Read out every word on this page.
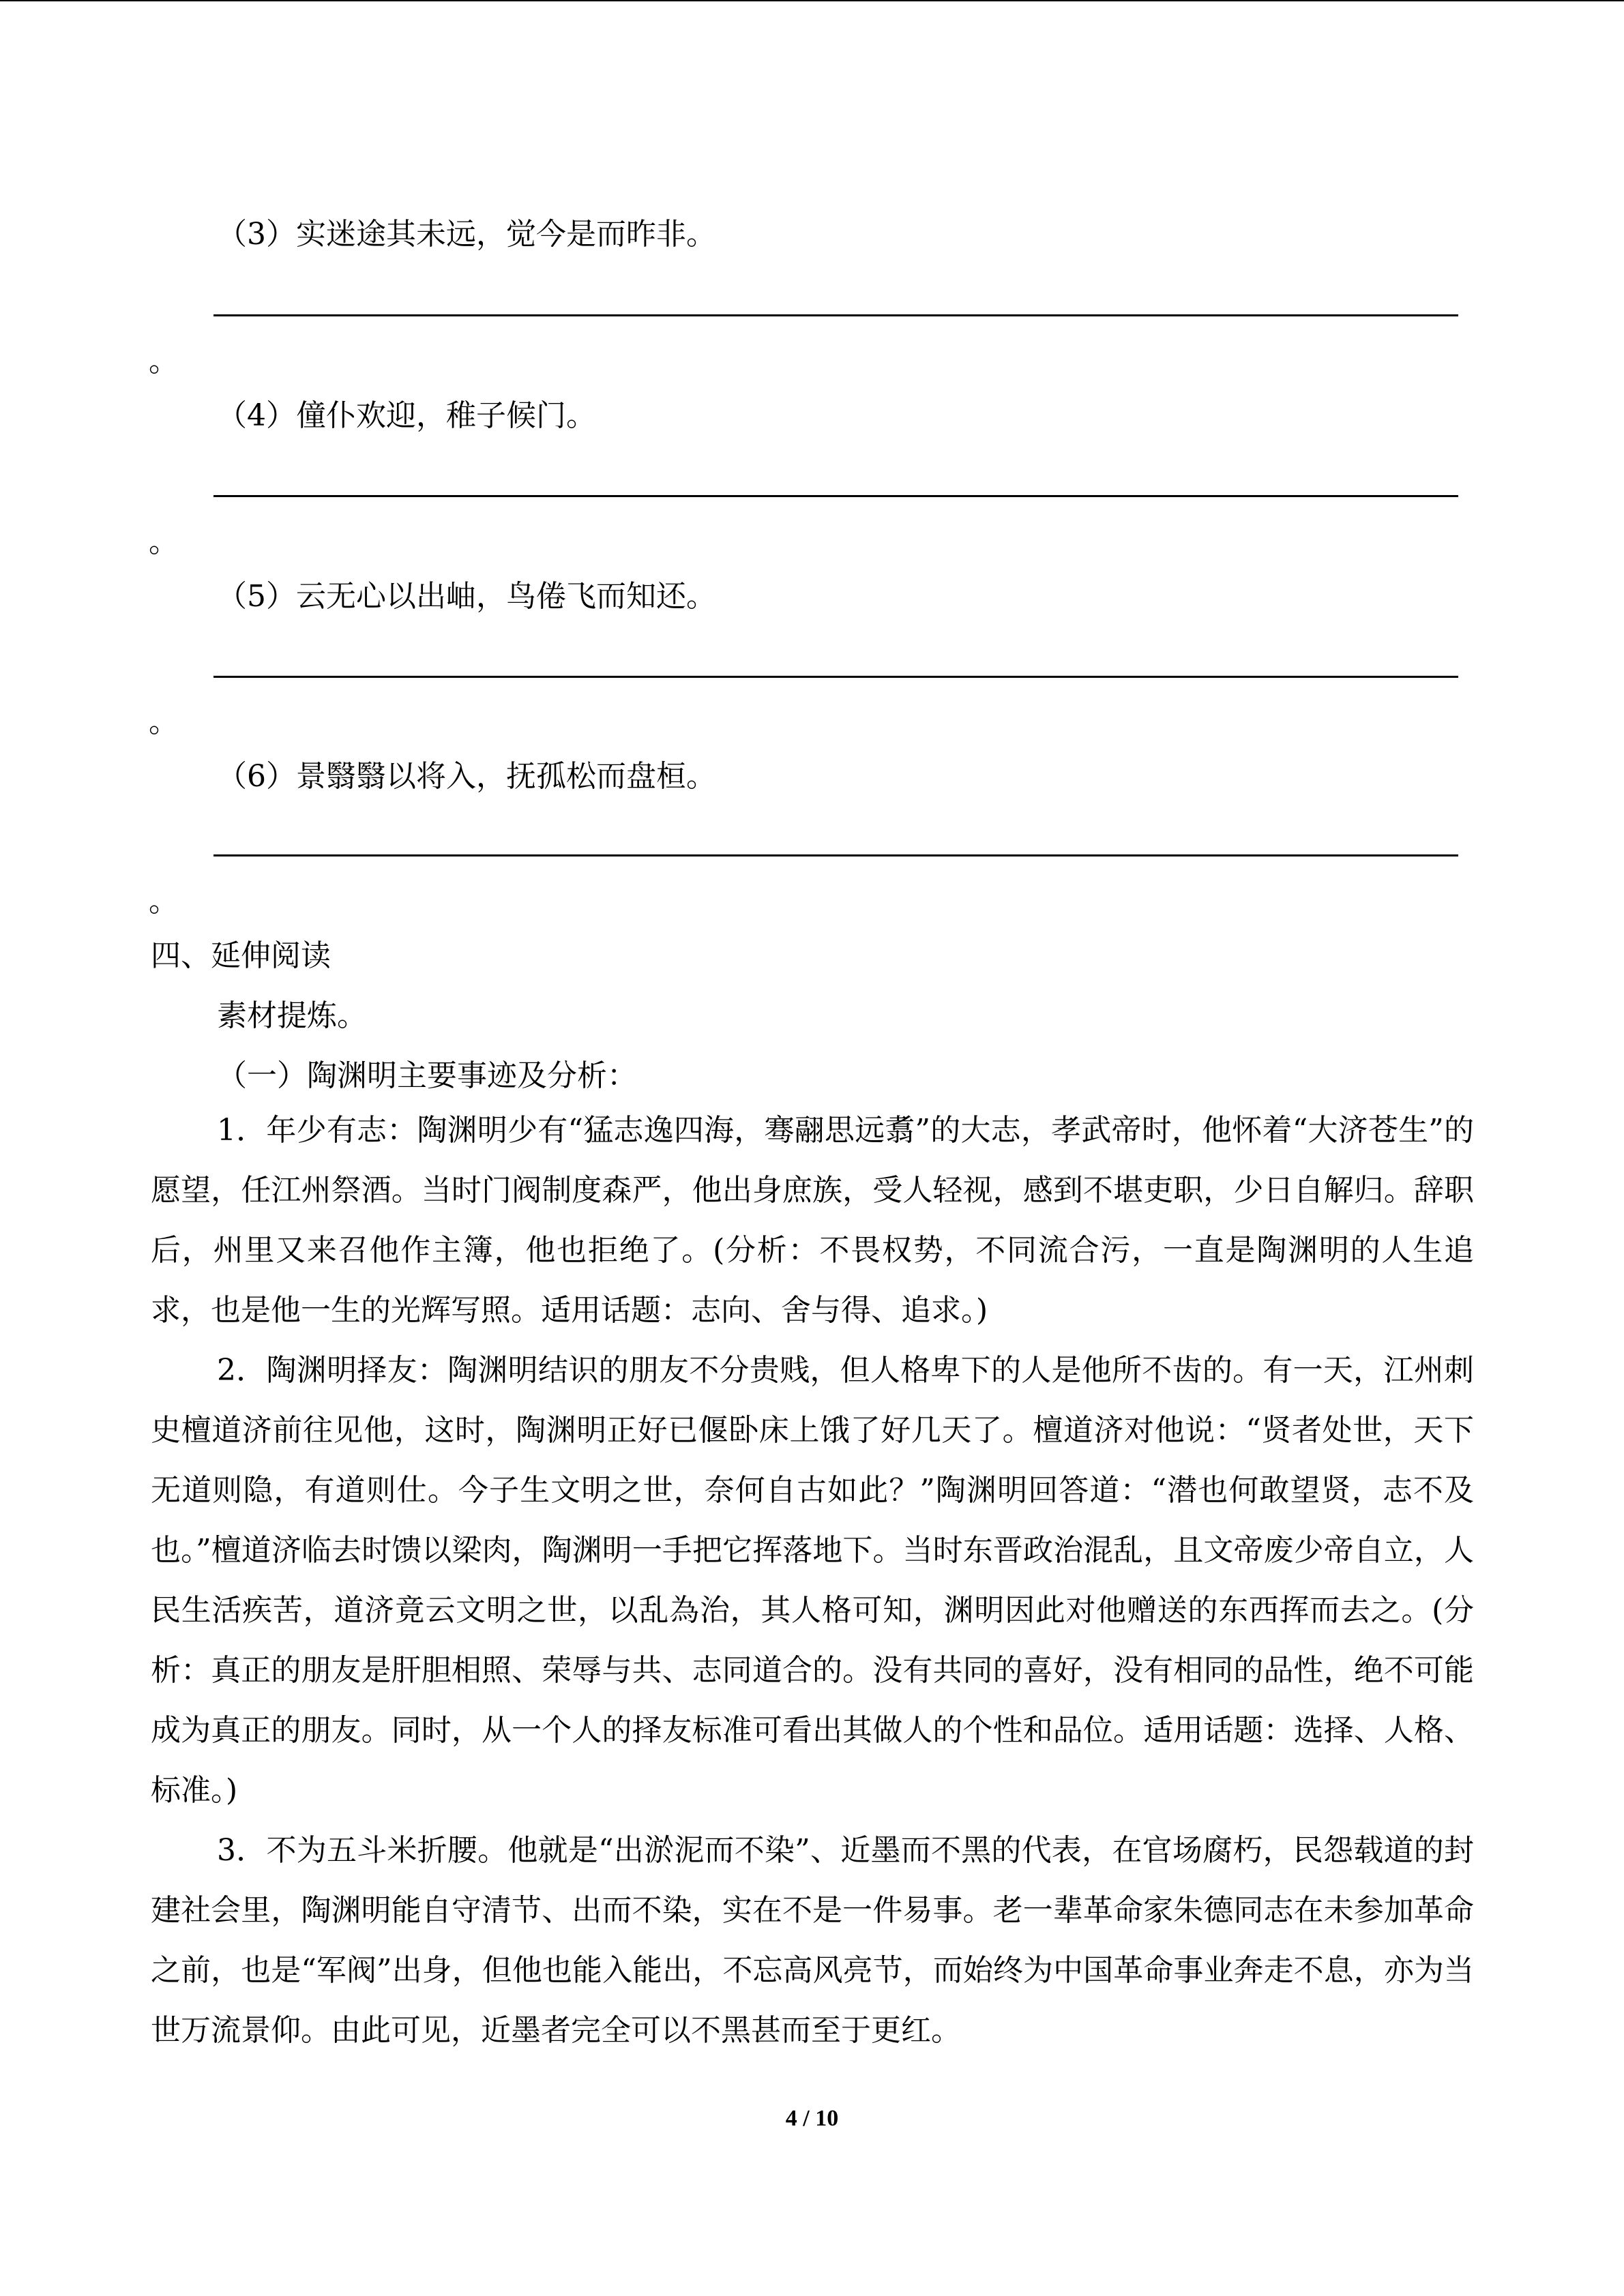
（3）实迷途其未远，觉今是而昨非。
。
（4）僮仆欢迎，稚子候门。
。
（5）云无心以出岫，鸟倦飞而知还。
。
（6）景翳翳以将入，抚孤松而盘桓。
。
四、延伸阅读
素材提炼。
（一）陶渊明主要事迹及分析：
1．年少有志：陶渊明少有“猛志逸四海，骞翮思远翥”的大志，孝武帝时，他怀着“大济苍生”的愿望，任江州祭酒。当时门阀制度森严，他出身庶族，受人轻视，感到不堪吏职，少日自解归。辞职后，州里又来召他作主簿，他也拒绝了。(分析：不畏权势，不同流合污，一直是陶渊明的人生追求，也是他一生的光辉写照。适用话题：志向、舍与得、追求。)
2．陶渊明择友：陶渊明结识的朋友不分贵贱，但人格卑下的人是他所不齿的。有一天，江州刺史檀道济前往见他，这时，陶渊明正好已偃卧床上饿了好几天了。檀道济对他说：“贤者处世，天下无道则隐，有道则仕。今子生文明之世，奈何自古如此？”陶渊明回答道：“潜也何敢望贤，志不及也。”檀道济临去时馈以梁肉，陶渊明一手把它挥落地下。当时东晋政治混乱，且文帝废少帝自立，人民生活疾苦，道济竟云文明之世，以乱為治，其人格可知，渊明因此对他赠送的东西挥而去之。(分析：真正的朋友是肝胆相照、荣辱与共、志同道合的。没有共同的喜好，没有相同的品性，绝不可能成为真正的朋友。同时，从一个人的择友标准可看出其做人的个性和品位。适用话题：选择、人格、标准。)
3．不为五斗米折腰。他就是“出淤泥而不染”、近墨而不黑的代表，在官场腐朽，民怨载道的封建社会里，陶渊明能自守清节、出而不染，实在不是一件易事。老一辈革命家朱德同志在未参加革命之前，也是“军阀”出身，但他也能入能出，不忘高风亮节，而始终为中国革命事业奔走不息，亦为当世万流景仰。由此可见，近墨者完全可以不黑甚而至于更红。
4 / 10
